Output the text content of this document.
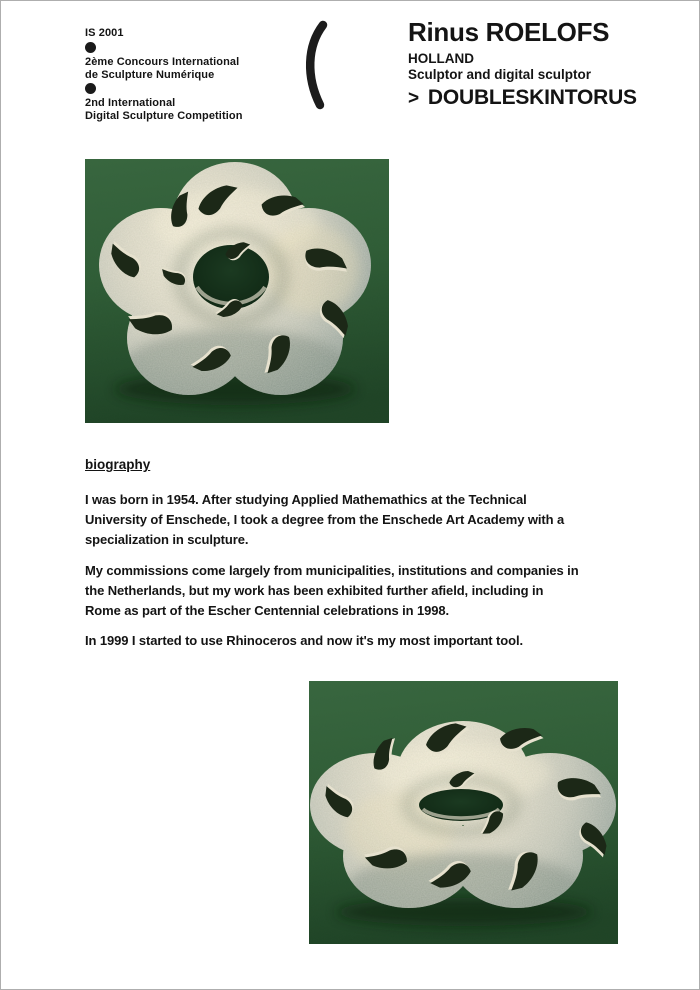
IS 2001
2ème Concours International
de Sculpture Numérique
2nd International
Digital Sculpture Competition
Rinus ROELOFS
HOLLAND
Sculptor and digital sculptor
> DOUBLESKINTORUS
biography
I was born in 1954. After studying Applied Mathemathics at the Technical
University of Enschede, I took a degree from the Enschede Art Academy with a
specialization in sculpture.
My commissions come largely from municipalities, institutions and companies in
the Netherlands, but my work has been exhibited further afield, including in
Rome as part of the Escher Centennial celebrations in 1998.
In 1999 I started to use Rhinoceros and now it's my most important tool.
